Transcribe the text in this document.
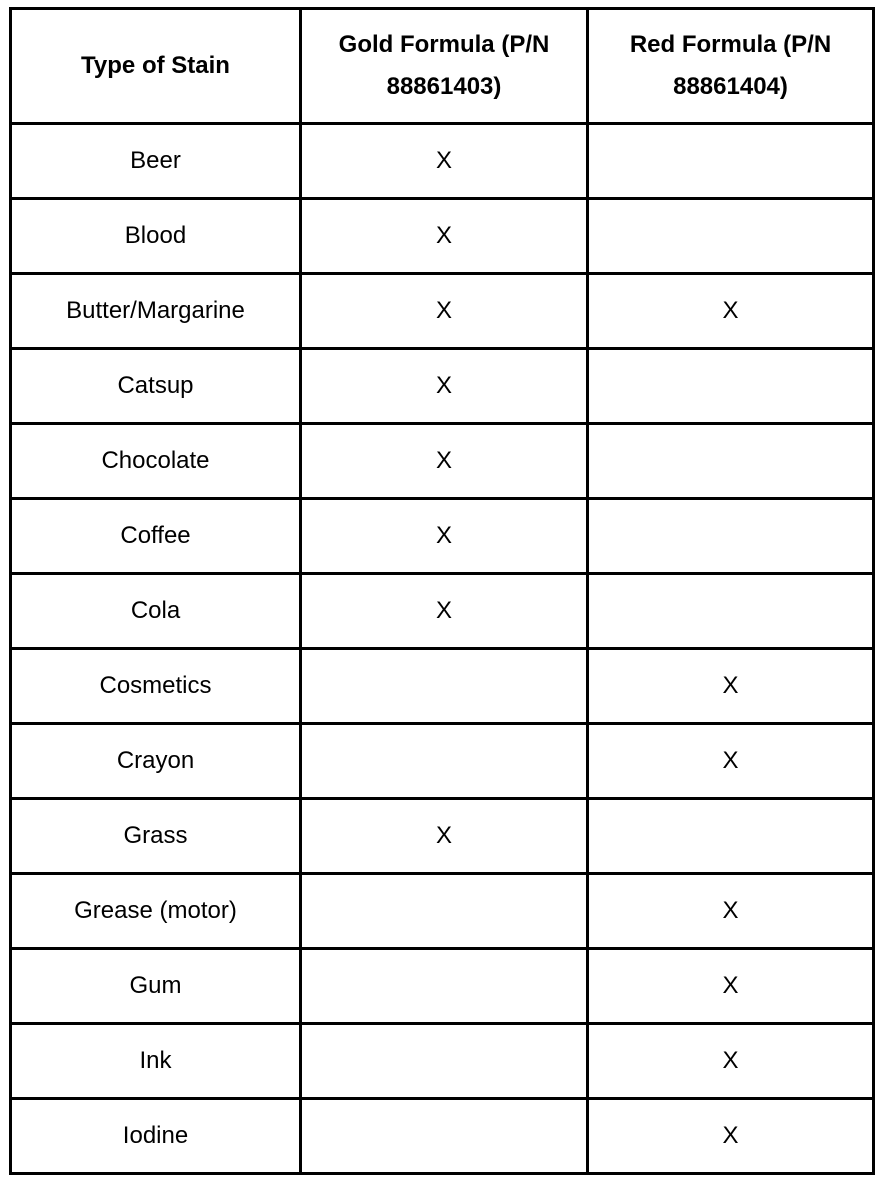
Type of Stain	Gold Formula (P/N 88861403)	Red Formula (P/N 88861404)
Beer	X	
Blood	X	
Butter/Margarine	X	X
Catsup	X	
Chocolate	X	
Coffee	X	
Cola	X	
Cosmetics		X
Crayon		X
Grass	X	
Grease (motor)		X
Gum		X
Ink		X
Iodine		X
